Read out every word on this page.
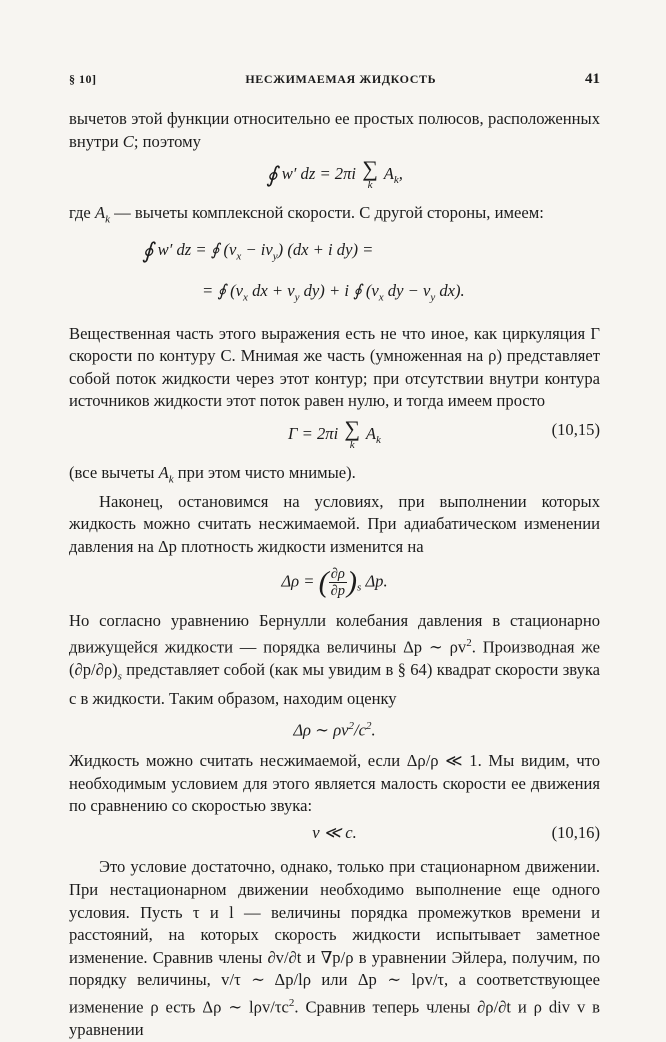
§ 10]	НЕСЖИМАЕМАЯ ЖИДКОСТЬ	41

вычетов этой функции относительно ее простых полюсов, расположенных внутри C; поэтому

∮ w′ dz = 2πi ∑
k
$A_k$,

где $A_k$ — вычеты комплексной скорости. С другой стороны, имеем:

∮ w′ dz = ∮ $(v_x - iv_y) (dx + i$ dy) =
= ∮ ($v_x$ dx + $v_y$ dy) + i ∮ ($v_x$ dy − $v_y$ dx).

Вещественная часть этого выражения есть не что иное, как циркуляция Γ скорости по контуру C. Мнимая же часть (умноженная на ρ) представляет собой поток жидкости через этот контур; при отсутствии внутри контура источников жидкости этот поток равен нулю, и тогда имеем просто

Γ = 2πi ∑
k
$A_k$
(10,15)

(все вычеты $A_k$ при этом чисто мнимые).

Наконец, остановимся на условиях, при выполнении которых жидкость можно считать несжимаемой. При адиабатическом изменении давления на Δp плотность жидкости изменится на

Δρ = ( $\frac{\partial\rho}{\partial p} )_s$ Δp.

Но согласно уравнению Бернулли колебания давления в стационарно движущейся жидкости — порядка величины Δp ∼ $\rho v^2$. Производная же $(\partial p/\partial\rho)_s$ представляет собой (как мы увидим в § 64) квадрат скорости звука c в жидкости. Таким образом, находим оценку

Δρ ∼ $\rho v^2/c^2$.

Жидкость можно считать несжимаемой, если Δρ/ρ ≪ 1. Мы видим, что необходимым условием для этого является малость скорости ее движения по сравнению со скоростью звука:

v ≪ c.	(10,16)

Это условие достаточно, однако, только при стационарном движении. При нестационарном движении необходимо выполнение еще одного условия. Пусть τ и l — величины порядка промежутков времени и расстояний, на которых скорость жидкости испытывает заметное изменение. Сравнив члены ∂v/∂t и ∇p/ρ в уравнении Эйлера, получим, по порядку величины, v/τ ∼ Δp/lρ или Δp ∼ lρv/τ, а соответствующее изменение ρ есть Δρ ∼ lρv/$\tau c^2$. Сравнив теперь члены ∂ρ/∂t и ρ div v в уравнении
